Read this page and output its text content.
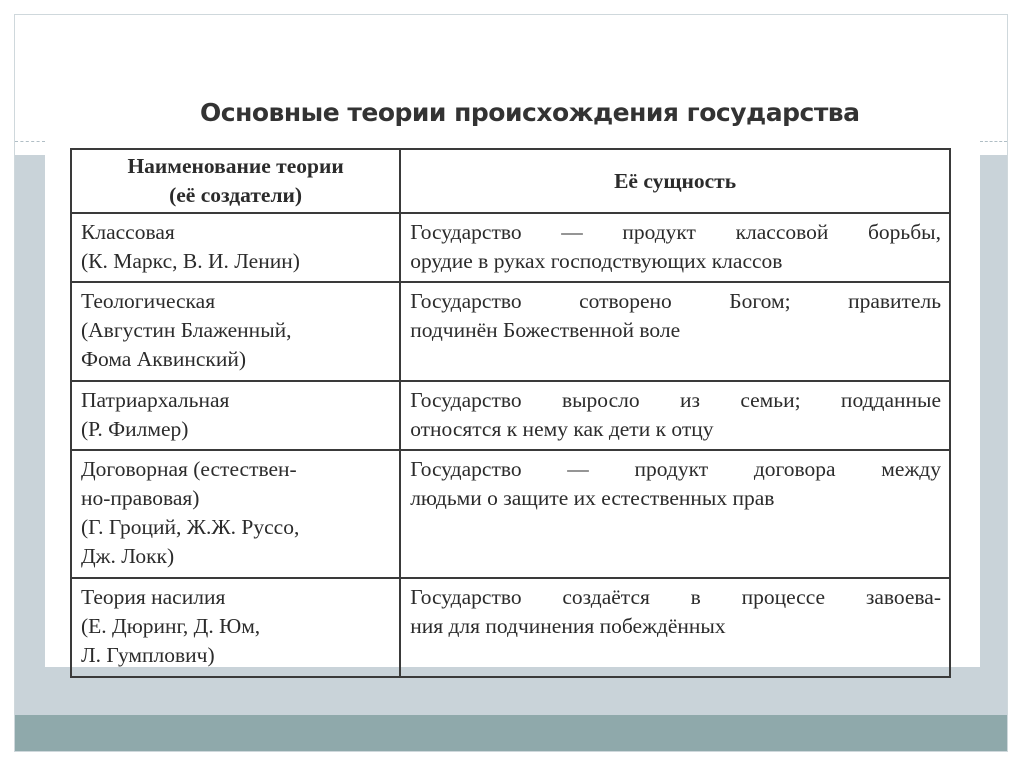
Основные теории происхождения государства
Наименование теории
(её создатели)	Её сущность

Классовая
(К. Маркс, В. И. Ленин)	Государство — продукт классовой борьбы,
орудие в руках господствующих классов

Теологическая
(Августин Блаженный,
Фома Аквинский)	Государство сотворено Богом; правитель
подчинён Божественной воле

Патриархальная
(Р. Филмер)	Государство выросло из семьи; подданные
относятся к нему как дети к отцу

Договорная (естествен-
но-правовая)
(Г. Гроций, Ж.Ж. Руссо,
Дж. Локк)	Государство — продукт договора между
людьми о защите их естественных прав

Теория насилия
(Е. Дюринг, Д. Юм,
Л. Гумплович)	Государство создаётся в процессе завоева-
ния для подчинения побеждённых
